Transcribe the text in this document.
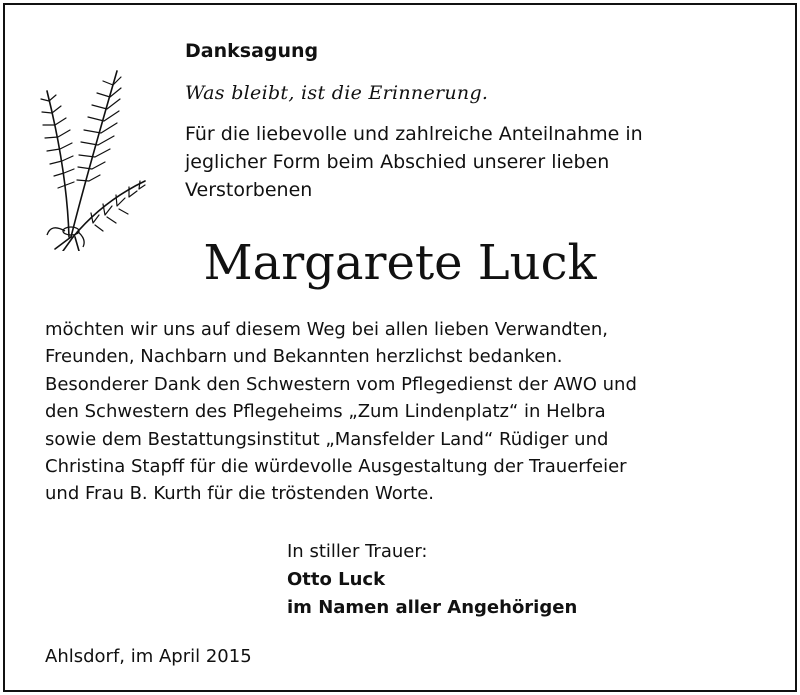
Danksagung
Was bleibt, ist die Erinnerung.
Für die liebevolle und zahlreiche Anteilnahme in
jeglicher Form beim Abschied unserer lieben
Verstorbenen
Margarete Luck
möchten wir uns auf diesem Weg bei allen lieben Verwandten,
Freunden, Nachbarn und Bekannten herzlichst bedanken.
Besonderer Dank den Schwestern vom Pflegedienst der AWO und
den Schwestern des Pflegeheims „Zum Lindenplatz“ in Helbra
sowie dem Bestattungsinstitut „Mansfelder Land“ Rüdiger und
Christina Stapff für die würdevolle Ausgestaltung der Trauerfeier
und Frau B. Kurth für die tröstenden Worte.
In stiller Trauer:
Otto Luck
im Namen aller Angehörigen
Ahlsdorf, im April 2015
